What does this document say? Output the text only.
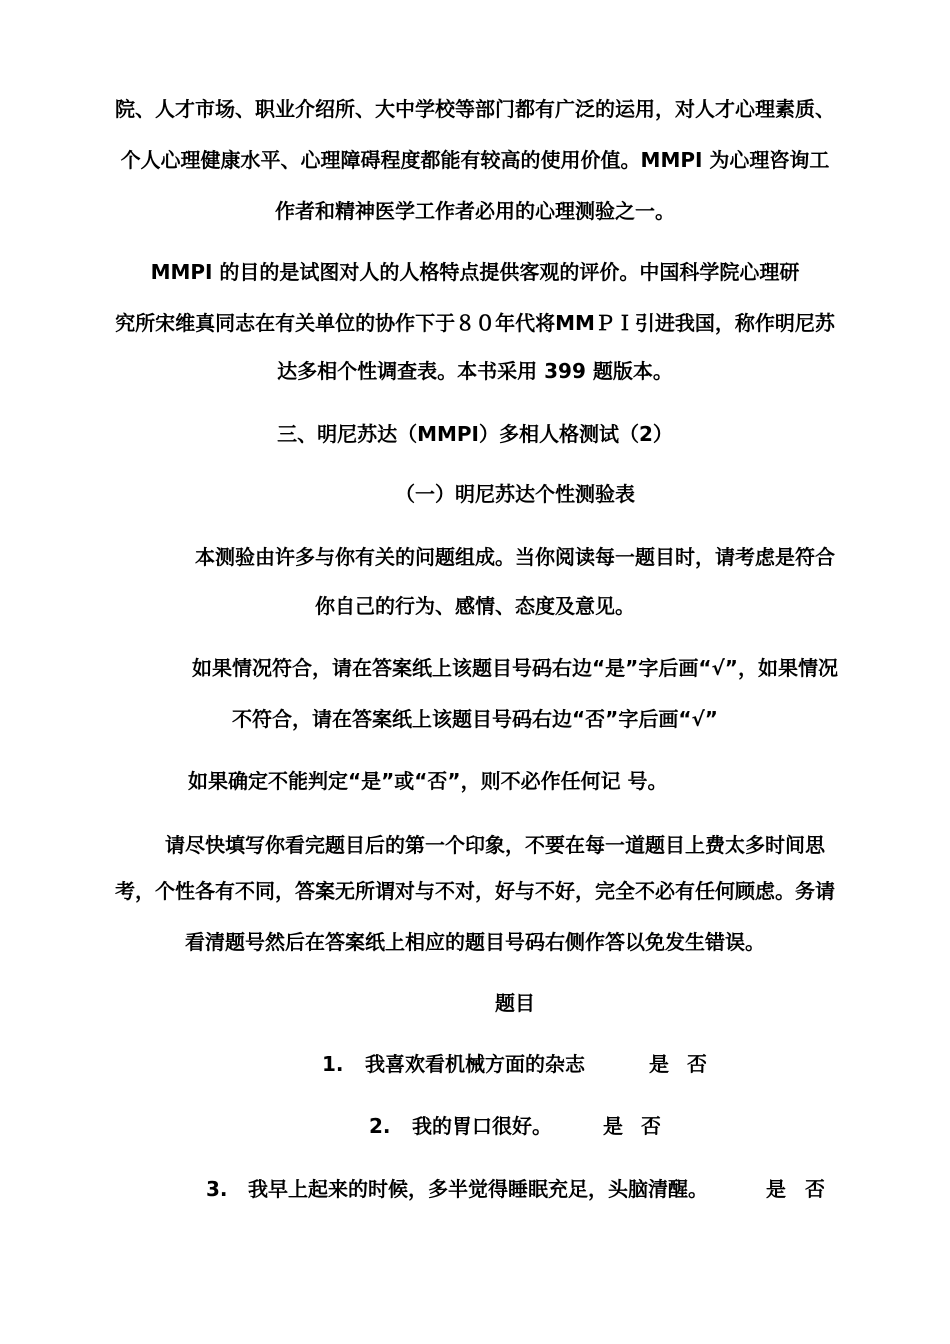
院、人才市场、职业介绍所、大中学校等部门都有广泛的运用，对人才心理素质、
个人心理健康水平、心理障碍程度都能有较高的使用价值。MMPI 为心理咨询工
作者和精神医学工作者必用的心理测验之一。
MMPI 的目的是试图对人的人格特点提供客观的评价。中国科学院心理研
究所宋维真同志在有关单位的协作下于８０年代将MMＰＩ引进我国，称作明尼苏
达多相个性调查表。本书采用 399 题版本。
三、明尼苏达（MMPI）多相人格测试（2）
（一）明尼苏达个性测验表
本测验由许多与你有关的问题组成。当你阅读每一题目时，请考虑是符合
你自己的行为、感情、态度及意见。
如果情况符合，请在答案纸上该题目号码右边“是”字后画“√”，如果情况
不符合，请在答案纸上该题目号码右边“否”字后画“√”
如果确定不能判定“是”或“否”，则不必作任何记 号。
请尽快填写你看完题目后的第一个印象，不要在每一道题目上费太多时间思
考，个性各有不同，答案无所谓对与不对，好与不好，完全不必有任何顾虑。务请
看清题号然后在答案纸上相应的题目号码右侧作答以免发生错误。
题目
1. 我喜欢看机械方面的杂志	是 否
2. 我的胃口很好。	是 否
3. 我早上起来的时候，多半觉得睡眠充足，头脑清醒。	是 否
